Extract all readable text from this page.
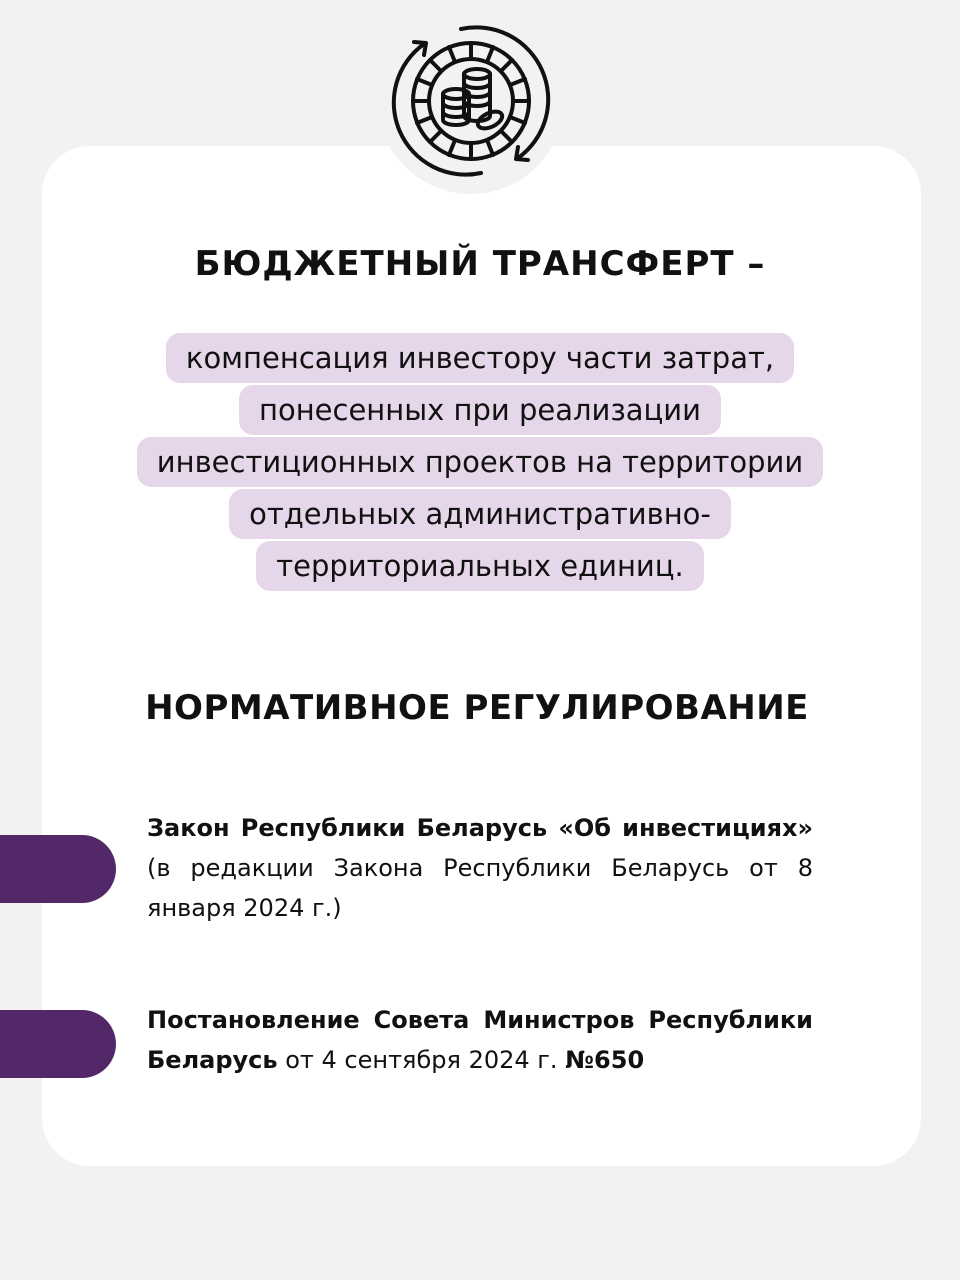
БЮДЖЕТНЫЙ ТРАНСФЕРТ –
компенсация инвестору части затрат,
понесенных при реализации
инвестиционных проектов на территории
отдельных административно-
территориальных единиц.
НОРМАТИВНОЕ РЕГУЛИРОВАНИЕ
Закон Республики Беларусь «Об инвестициях» (в редакции Закона Республики Беларусь от 8 января 2024 г.)
Постановление Совета Министров Республики Беларусь от 4 сентября 2024 г. №650
